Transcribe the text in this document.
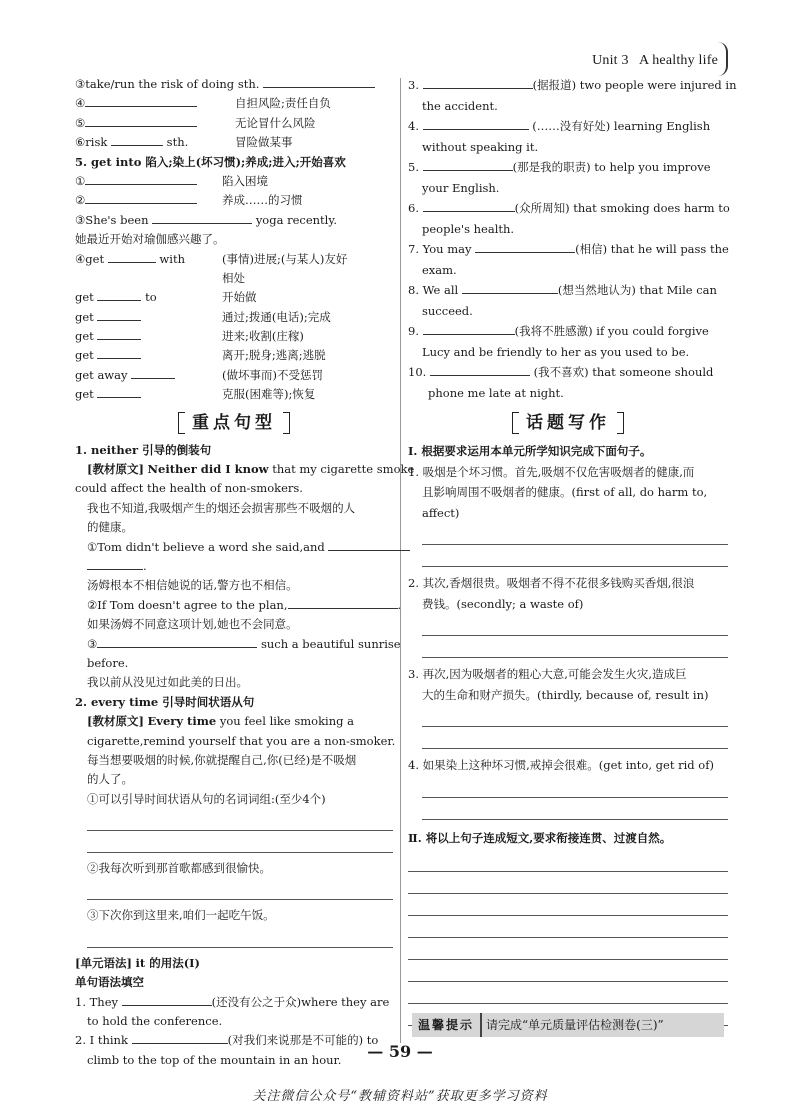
Unit 3 A healthy life
③take/run the risk of doing sth.
④	自担风险;责任自负
⑤	无论冒什么风险
⑥risk	sth.	冒险做某事
5. get into 陷入;染上(坏习惯);养成;进入;开始喜欢
①	陷入困境
②	养成……的习惯
③She's been	yoga recently.
她最近开始对瑜伽感兴趣了。
④get	with	(事情)进展;(与某人)友好
相处
get	to	开始做
get	通过;拨通(电话);完成
get	进来;收割(庄稼)
get	离开;脱身;逃离;逃脱
get away	(做坏事而)不受惩罚
get	克服(困难等);恢复
重点句型
1. neither 引导的倒装句
[教材原文] Neither did I know that my cigarette smoke
could affect the health of non-smokers.
我也不知道,我吸烟产生的烟还会损害那些不吸烟的人
的健康。
①Tom didn't believe a word she said,and
.
汤姆根本不相信她说的话,警方也不相信。
②If Tom doesn't agree to the plan,	.
如果汤姆不同意这项计划,她也不会同意。
③	such a beautiful sunrise
before.
我以前从没见过如此美的日出。
2. every time 引导时间状语从句
[教材原文] Every time you feel like smoking a
cigarette,remind yourself that you are a non-smoker.
每当想要吸烟的时候,你就提醒自己,你(已经)是不吸烟
的人了。
①可以引导时间状语从句的名词词组:(至少4个)
②我每次听到那首歌都感到很愉快。
③下次你到这里来,咱们一起吃午饭。
[单元语法] it 的用法(Ⅰ)
单句语法填空
1. They	(还没有公之于众)where they are
to hold the conference.
2. I think	(对我们来说那是不可能的) to
climb to the top of the mountain in an hour.
3.	(据报道) two people were injured in
the accident.
4.	(……没有好处) learning English
without speaking it.
5.	(那是我的职责) to help you improve
your English.
6.	(众所周知) that smoking does harm to
people's health.
7. You may	(相信) that he will pass the
exam.
8. We all	(想当然地认为) that Mile can
succeed.
9.	(我将不胜感激) if you could forgive
Lucy and be friendly to her as you used to be.
10.	(我不喜欢) that someone should
phone me late at night.
话题写作
Ⅰ. 根据要求运用本单元所学知识完成下面句子。
1. 吸烟是个坏习惯。首先,吸烟不仅危害吸烟者的健康,而
且影响周围不吸烟者的健康。(first of all, do harm to,
affect)
2. 其次,香烟很贵。吸烟者不得不花很多钱购买香烟,很浪
费钱。(secondly; a waste of)
3. 再次,因为吸烟者的粗心大意,可能会发生火灾,造成巨
大的生命和财产损失。(thirdly, because of, result in)
4. 如果染上这种坏习惯,戒掉会很难。(get into, get rid of)
Ⅱ. 将以上句子连成短文,要求衔接连贯、过渡自然。
温馨提示 请完成“单元质量评估检测卷(三)”
— 59 —
关注微信公众号“教辅资料站”获取更多学习资料
